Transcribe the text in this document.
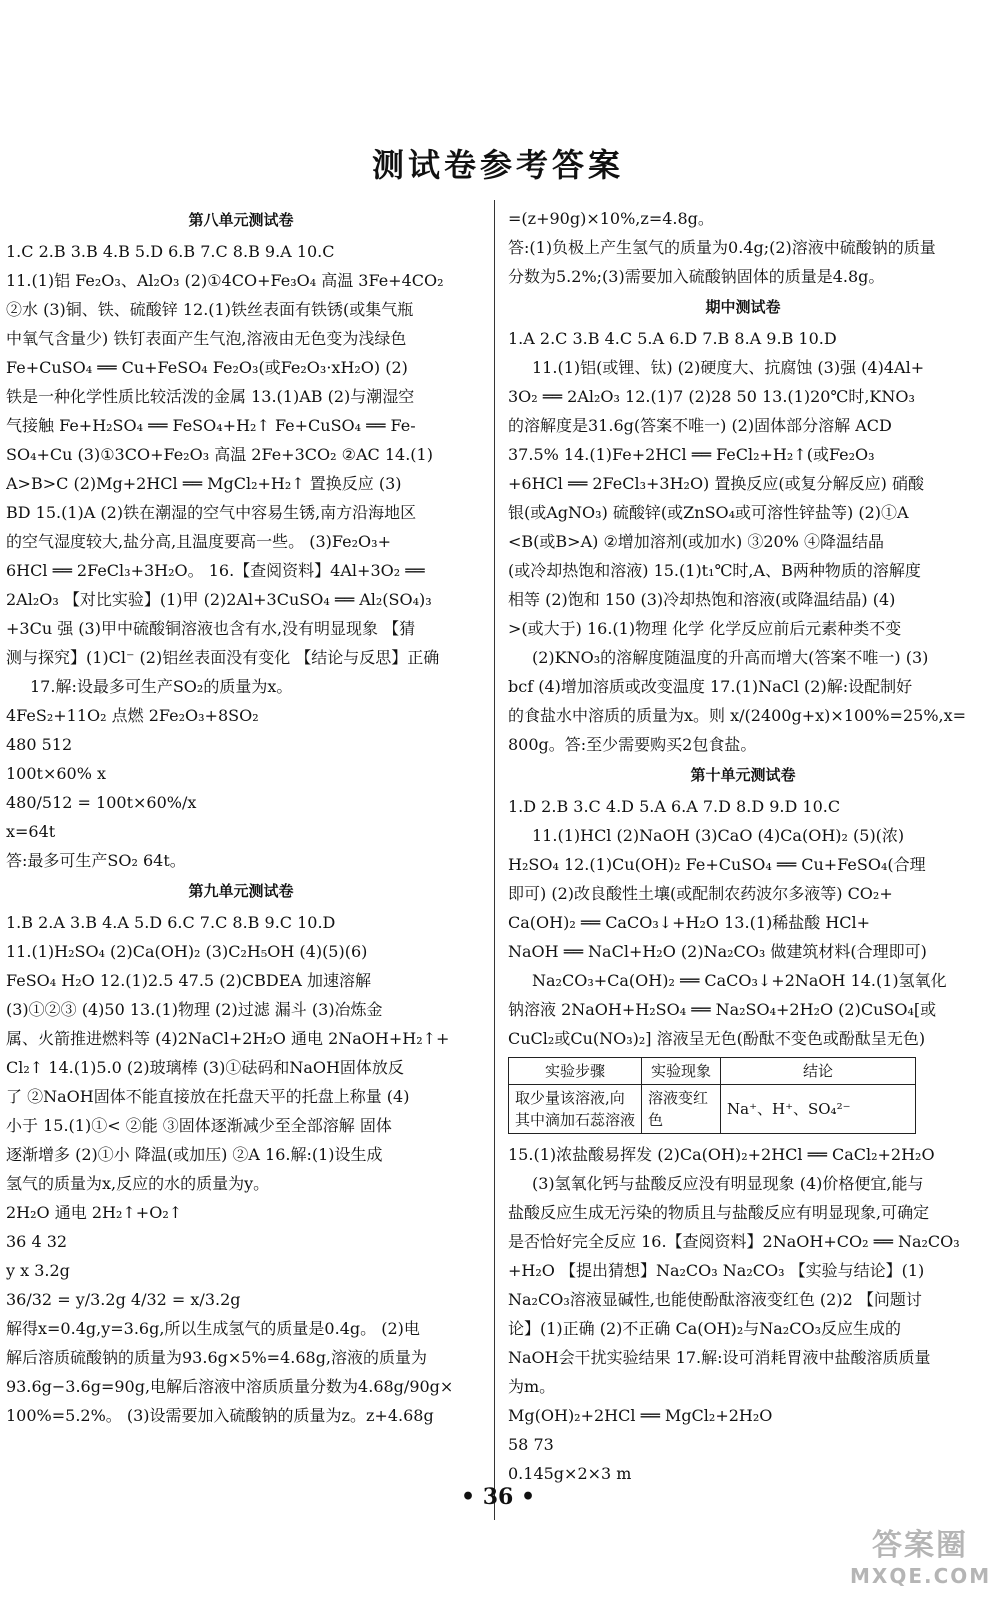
测试卷参考答案
第八单元测试卷
1.C 2.B 3.B 4.B 5.D 6.B 7.C 8.B 9.A 10.C
11.(1)铝 Fe₂O₃、Al₂O₃ (2)①4CO+Fe₃O₄ 高温 3Fe+4CO₂
②水 (3)铜、铁、硫酸锌 12.(1)铁丝表面有铁锈(或集气瓶
中氧气含量少) 铁钉表面产生气泡,溶液由无色变为浅绿色
Fe+CuSO₄ ══ Cu+FeSO₄ Fe₂O₃(或Fe₂O₃·xH₂O) (2)
铁是一种化学性质比较活泼的金属 13.(1)AB (2)与潮湿空
气接触 Fe+H₂SO₄ ══ FeSO₄+H₂↑ Fe+CuSO₄ ══ Fe-
SO₄+Cu (3)①3CO+Fe₂O₃ 高温 2Fe+3CO₂ ②AC 14.(1)
A>B>C (2)Mg+2HCl ══ MgCl₂+H₂↑ 置换反应 (3)
BD 15.(1)A (2)铁在潮湿的空气中容易生锈,南方沿海地区
的空气湿度较大,盐分高,且温度要高一些。 (3)Fe₂O₃+
6HCl ══ 2FeCl₃+3H₂O。 16.【查阅资料】4Al+3O₂ ══
2Al₂O₃ 【对比实验】(1)甲 (2)2Al+3CuSO₄ ══ Al₂(SO₄)₃
+3Cu 强 (3)甲中硫酸铜溶液也含有水,没有明显现象 【猜
测与探究】(1)Cl⁻ (2)铝丝表面没有变化 【结论与反思】正确
17.解:设最多可生产SO₂的质量为x。
4FeS₂+11O₂ 点燃 2Fe₂O₃+8SO₂
480 512
100t×60% x
480/512 = 100t×60%/x
x=64t
答:最多可生产SO₂ 64t。
第九单元测试卷
1.B 2.A 3.B 4.A 5.D 6.C 7.C 8.B 9.C 10.D
11.(1)H₂SO₄ (2)Ca(OH)₂ (3)C₂H₅OH (4)(5)(6)
FeSO₄ H₂O 12.(1)2.5 47.5 (2)CBDEA 加速溶解
(3)①②③ (4)50 13.(1)物理 (2)过滤 漏斗 (3)冶炼金
属、火箭推进燃料等 (4)2NaCl+2H₂O 通电 2NaOH+H₂↑+
Cl₂↑ 14.(1)5.0 (2)玻璃棒 (3)①砝码和NaOH固体放反
了 ②NaOH固体不能直接放在托盘天平的托盘上称量 (4)
小于 15.(1)①< ②能 ③固体逐渐减少至全部溶解 固体
逐渐增多 (2)①小 降温(或加压) ②A 16.解:(1)设生成
氢气的质量为x,反应的水的质量为y。
2H₂O 通电 2H₂↑+O₂↑
36 4 32
y x 3.2g
36/32 = y/3.2g 4/32 = x/3.2g
解得x=0.4g,y=3.6g,所以生成氢气的质量是0.4g。 (2)电
解后溶质硫酸钠的质量为93.6g×5%=4.68g,溶液的质量为
93.6g−3.6g=90g,电解后溶液中溶质质量分数为4.68g/90g×
100%=5.2%。 (3)设需要加入硫酸钠的质量为z。z+4.68g
=(z+90g)×10%,z=4.8g。
答:(1)负极上产生氢气的质量为0.4g;(2)溶液中硫酸钠的质量
分数为5.2%;(3)需要加入硫酸钠固体的质量是4.8g。
期中测试卷
1.A 2.C 3.B 4.C 5.A 6.D 7.B 8.A 9.B 10.D
11.(1)铝(或锂、钛) (2)硬度大、抗腐蚀 (3)强 (4)4Al+
3O₂ ══ 2Al₂O₃ 12.(1)7 (2)28 50 13.(1)20℃时,KNO₃
的溶解度是31.6g(答案不唯一) (2)固体部分溶解 ACD
37.5% 14.(1)Fe+2HCl ══ FeCl₂+H₂↑(或Fe₂O₃
+6HCl ══ 2FeCl₃+3H₂O) 置换反应(或复分解反应) 硝酸
银(或AgNO₃) 硫酸锌(或ZnSO₄或可溶性锌盐等) (2)①A
<B(或B>A) ②增加溶剂(或加水) ③20% ④降温结晶
(或冷却热饱和溶液) 15.(1)t₁℃时,A、B两种物质的溶解度
相等 (2)饱和 150 (3)冷却热饱和溶液(或降温结晶) (4)
>(或大于) 16.(1)物理 化学 化学反应前后元素种类不变
(2)KNO₃的溶解度随温度的升高而增大(答案不唯一) (3)
bcf (4)增加溶质或改变温度 17.(1)NaCl (2)解:设配制好
的食盐水中溶质的质量为x。则 x/(2400g+x)×100%=25%,x=
800g。答:至少需要购买2包食盐。
第十单元测试卷
1.D 2.B 3.C 4.D 5.A 6.A 7.D 8.D 9.D 10.C
11.(1)HCl (2)NaOH (3)CaO (4)Ca(OH)₂ (5)(浓)
H₂SO₄ 12.(1)Cu(OH)₂ Fe+CuSO₄ ══ Cu+FeSO₄(合理
即可) (2)改良酸性土壤(或配制农药波尔多液等) CO₂+
Ca(OH)₂ ══ CaCO₃↓+H₂O 13.(1)稀盐酸 HCl+
NaOH ══ NaCl+H₂O (2)Na₂CO₃ 做建筑材料(合理即可)
Na₂CO₃+Ca(OH)₂ ══ CaCO₃↓+2NaOH 14.(1)氢氧化
钠溶液 2NaOH+H₂SO₄ ══ Na₂SO₄+2H₂O (2)CuSO₄[或
CuCl₂或Cu(NO₃)₂] 溶液呈无色(酚酞不变色或酚酞呈无色)
实验步骤	实验现象	结论
取少量该溶液,向其中滴加石蕊溶液	溶液变红色	Na⁺、H⁺、SO₄²⁻
15.(1)浓盐酸易挥发 (2)Ca(OH)₂+2HCl ══ CaCl₂+2H₂O
(3)氢氧化钙与盐酸反应没有明显现象 (4)价格便宜,能与
盐酸反应生成无污染的物质且与盐酸反应有明显现象,可确定
是否恰好完全反应 16.【查阅资料】2NaOH+CO₂ ══ Na₂CO₃
+H₂O 【提出猜想】Na₂CO₃ Na₂CO₃ 【实验与结论】(1)
Na₂CO₃溶液显碱性,也能使酚酞溶液变红色 (2)2 【问题讨
论】(1)正确 (2)不正确 Ca(OH)₂与Na₂CO₃反应生成的
NaOH会干扰实验结果 17.解:设可消耗胃液中盐酸溶质质量
为m。
Mg(OH)₂+2HCl ══ MgCl₂+2H₂O
58 73
0.145g×2×3 m
• 36 •
答案圈
MXQE.COM
